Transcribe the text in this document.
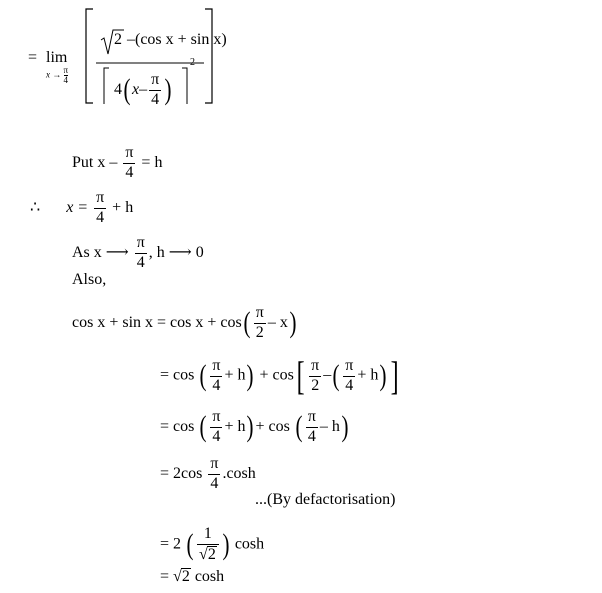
= lim
$x \to \frac{\pi}{4}$
2 –(cos x + sin x)
$4(x- \frac{\pi}{4}$ )
2
Put $x - \frac{\pi}{4} = h$
∴ $x = \frac{\pi}{4} + h$
As x ⟶ $\frac{\pi}{4}$ , h ⟶ 0
Also,
$\cos x + \sin x = \cos x + \cos( \frac{\pi}{2} - x)$
= cos ( $\frac{\pi}{4} + h) + \cos[ \frac{\pi}{2}$ –( $\frac{\pi}{4} + h$) ]
= cos ( $\frac{\pi}{4} + h)+ \cos$ ( $\frac{\pi}{4} - h$)
= $2\cos \frac{\pi}{4} .\cosh$
...(By defactorisation)
= 2 ( $\frac{1}{√2}$ ) cosh
= √2 cosh
